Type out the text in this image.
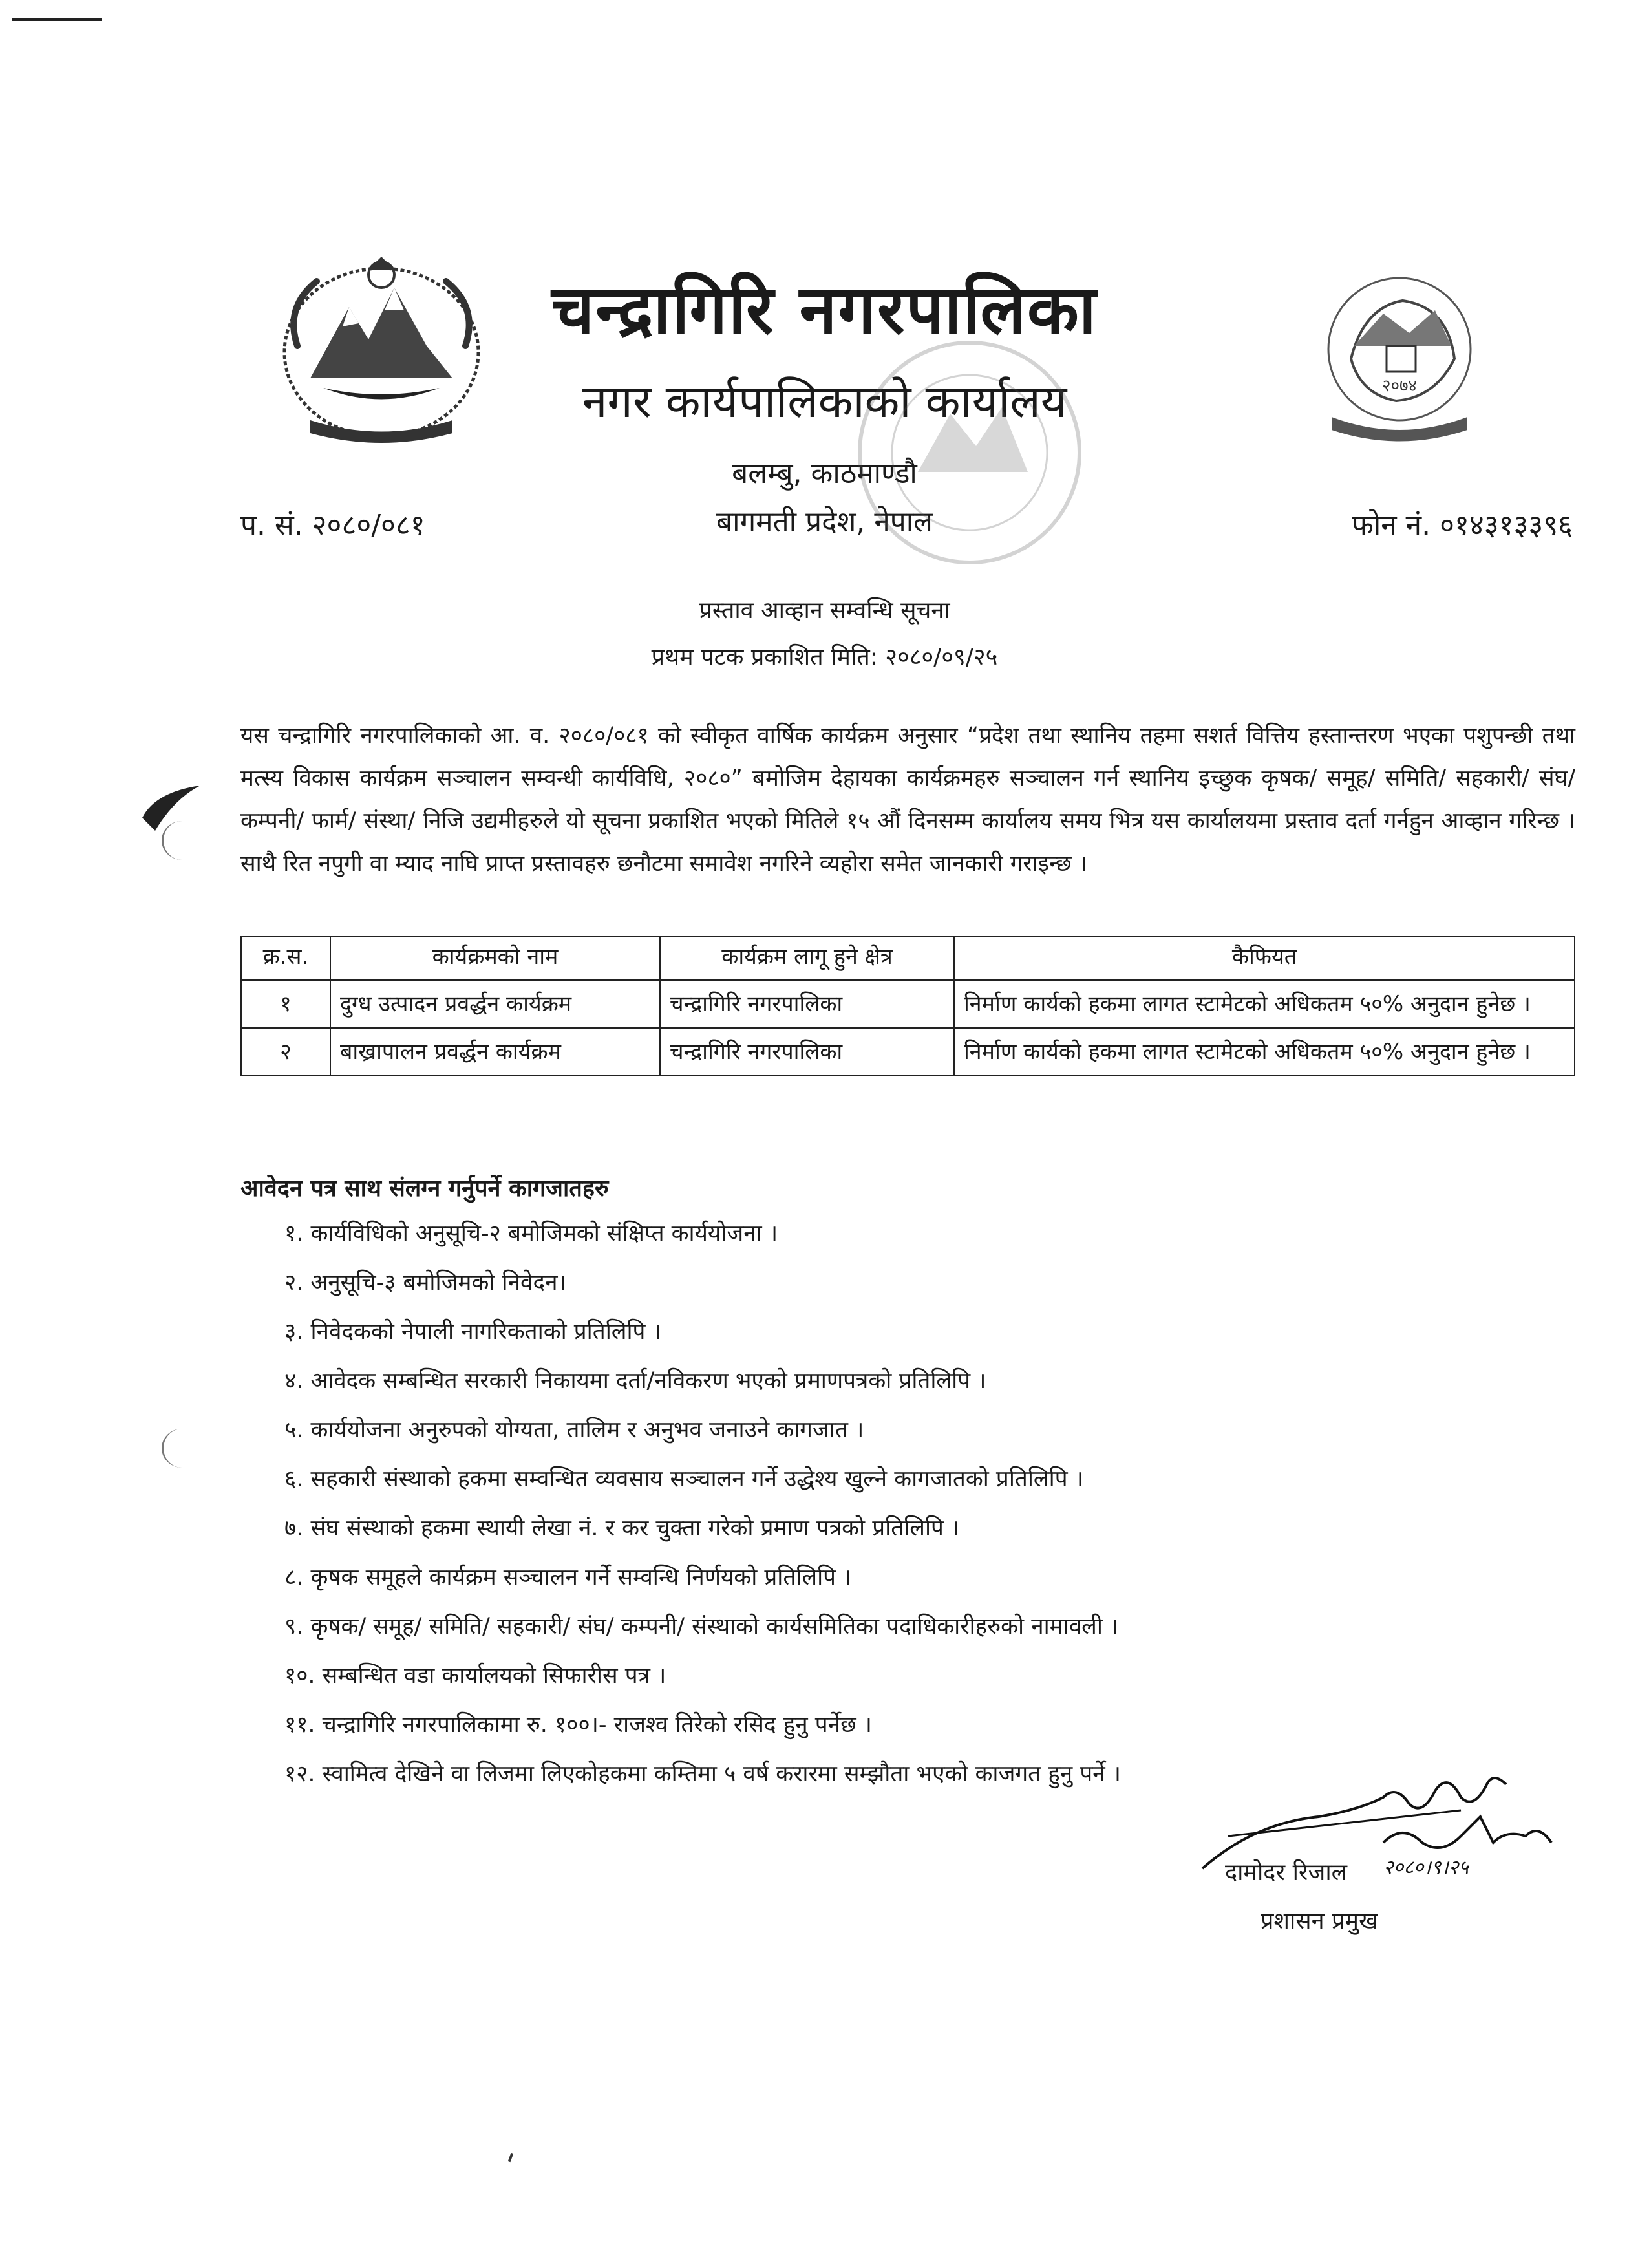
२०७४
चन्द्रागिरि नगरपालिका
नगर कार्यपालिकाको कार्यालय
बलम्बु, काठमाण्डौ
बागमती प्रदेश, नेपाल
प. सं. २०८०/०८१	फोन नं. ०१४३१३३९६
प्रस्ताव आव्हान सम्वन्धि सूचना
प्रथम पटक प्रकाशित मिति: २०८०/०९/२५
यस चन्द्रागिरि नगरपालिकाको आ. व. २०८०/०८१ को स्वीकृत वार्षिक कार्यक्रम अनुसार “प्रदेश तथा स्थानिय तहमा सशर्त वित्तिय हस्तान्तरण भएका पशुपन्छी तथा मत्स्य विकास कार्यक्रम सञ्चालन सम्वन्धी कार्यविधि, २०८०” बमोजिम देहायका कार्यक्रमहरु सञ्चालन गर्न स्थानिय इच्छुक कृषक/ समूह/ समिति/ सहकारी/ संघ/ कम्पनी/ फार्म/ संस्था/ निजि उद्यमीहरुले यो सूचना प्रकाशित भएको मितिले १५ औं दिनसम्म कार्यालय समय भित्र यस कार्यालयमा प्रस्ताव दर्ता गर्नहुन आव्हान गरिन्छ ।साथै रित नपुगी वा म्याद नाघि प्राप्त प्रस्तावहरु छनौटमा समावेश नगरिने व्यहोरा समेत जानकारी गराइन्छ ।
क्र.स.	कार्यक्रमको नाम	कार्यक्रम लागू हुने क्षेत्र	कैफियत
१	दुग्ध उत्पादन प्रवर्द्धन कार्यक्रम	चन्द्रागिरि नगरपालिका	निर्माण कार्यको हकमा लागत स्टामेटको अधिकतम ५०% अनुदान हुनेछ ।
२	बाख्रापालन प्रवर्द्धन कार्यक्रम	चन्द्रागिरि नगरपालिका	निर्माण कार्यको हकमा लागत स्टामेटको अधिकतम ५०% अनुदान हुनेछ ।
आवेदन पत्र साथ संलग्न गर्नुपर्ने कागजातहरु
१. कार्यविधिको अनुसूचि-२ बमोजिमको संक्षिप्त कार्ययोजना ।
२. अनुसूचि-३ बमोजिमको निवेदन।
३. निवेदकको नेपाली नागरिकताको प्रतिलिपि ।
४. आवेदक सम्बन्धित सरकारी निकायमा दर्ता/नविकरण भएको प्रमाणपत्रको प्रतिलिपि ।
५. कार्ययोजना अनुरुपको योग्यता, तालिम र अनुभव जनाउने कागजात ।
६. सहकारी संस्थाको हकमा सम्वन्धित व्यवसाय सञ्चालन गर्ने उद्धेश्य खुल्ने कागजातको प्रतिलिपि ।
७. संघ संस्थाको हकमा स्थायी लेखा नं. र कर चुक्ता गरेको प्रमाण पत्रको प्रतिलिपि ।
८. कृषक समूहले कार्यक्रम सञ्चालन गर्ने सम्वन्धि निर्णयको प्रतिलिपि ।
९. कृषक/ समूह/ समिति/ सहकारी/ संघ/ कम्पनी/ संस्थाको कार्यसमितिका पदाधिकारीहरुको नामावली ।
१०. सम्बन्धित वडा कार्यालयको सिफारीस पत्र ।
११. चन्द्रागिरि नगरपालिकामा रु. १००।- राजश्व तिरेको रसिद हुनु पर्नेछ ।
१२. स्वामित्व देखिने वा लिजमा लिएकोहकमा कम्तिमा ५ वर्ष करारमा सम्झौता भएको काजगत हुनु पर्ने ।
२०८०।९।२५
दामोदर रिजाल
प्रशासन प्रमुख
